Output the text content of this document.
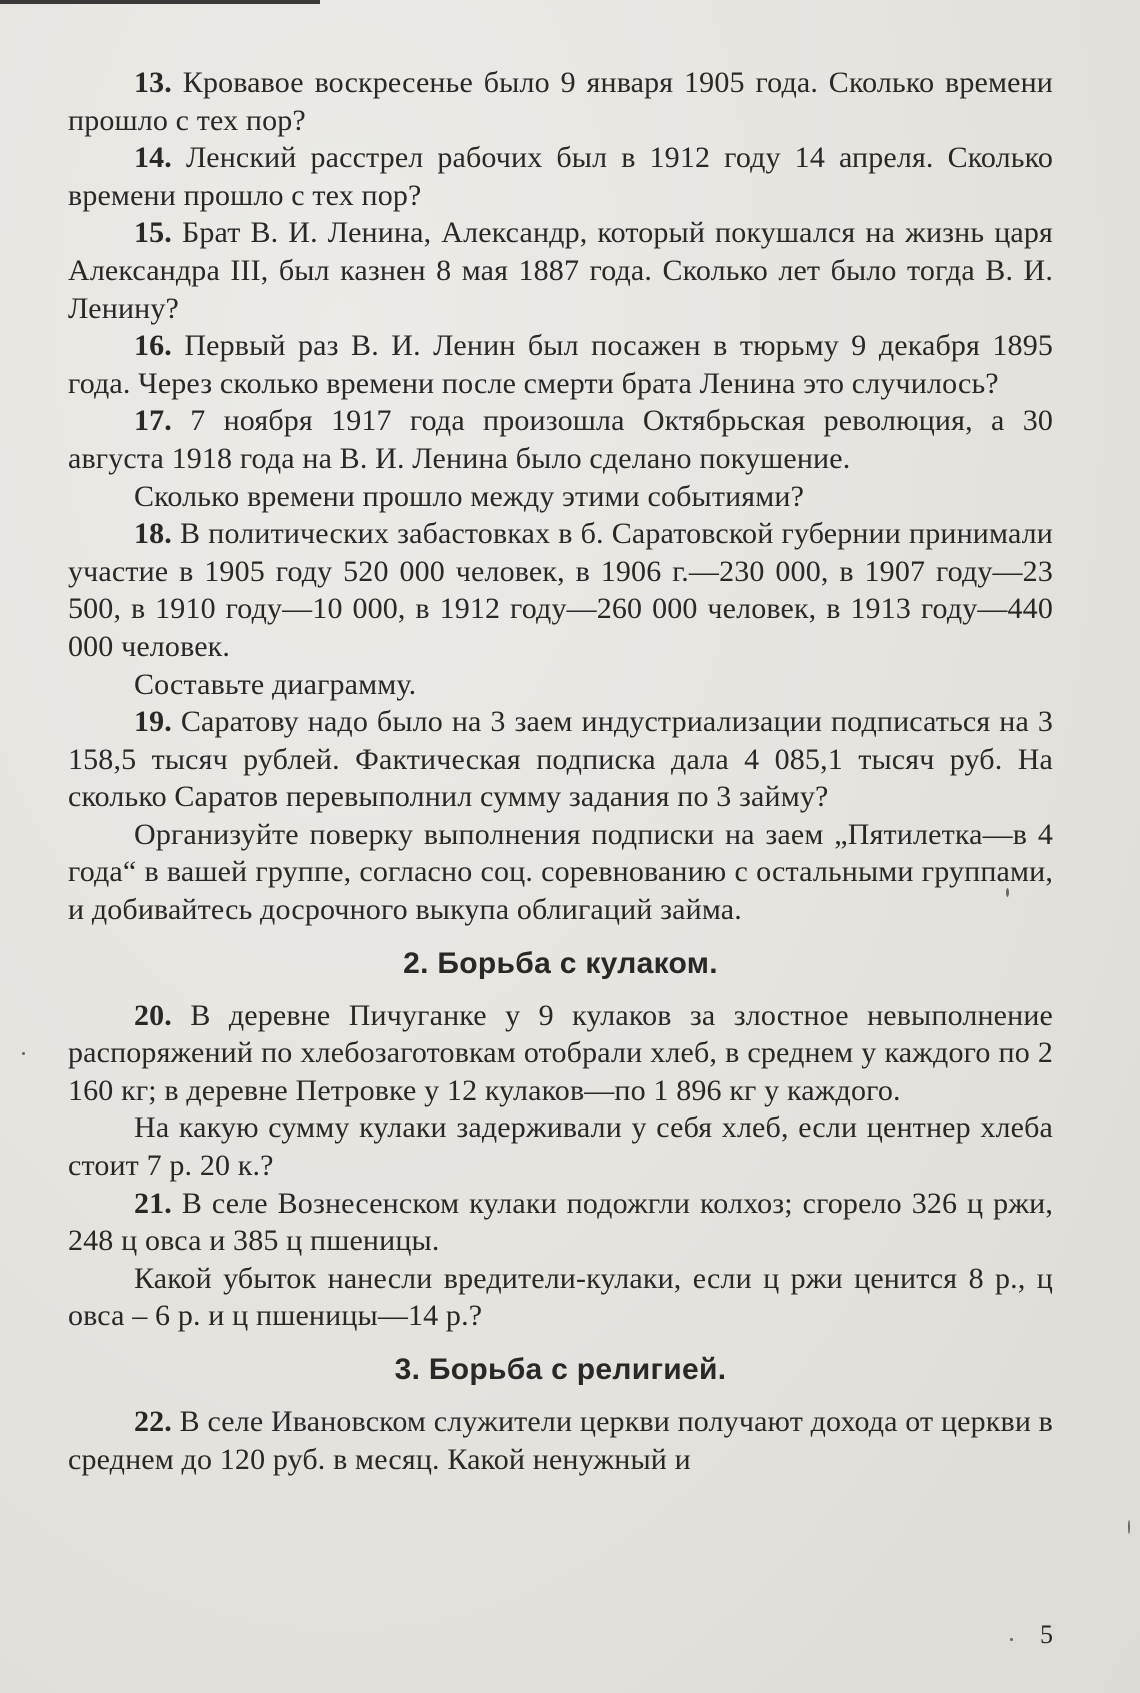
13. Кровавое воскресенье было 9 января 1905 года. Сколько времени прошло с тех пор?

14. Ленский расстрел рабочих был в 1912 году 14 апреля. Сколько времени прошло с тех пор?

15. Брат В. И. Ленина, Александр, который покушался на жизнь царя Александра III, был казнен 8 мая 1887 года. Сколько лет было тогда В. И. Ленину?

16. Первый раз В. И. Ленин был посажен в тюрьму 9 декабря 1895 года. Через сколько времени после смерти брата Ленина это случилось?

17. 7 ноября 1917 года произошла Октябрьская революция, а 30 августа 1918 года на В. И. Ленина было сделано покушение.

Сколько времени прошло между этими событиями?

18. В политических забастовках в б. Саратовской губернии принимали участие в 1905 году 520 000 человек, в 1906 г.—230 000, в 1907 году—23 500, в 1910 году—10 000, в 1912 году—260 000 человек, в 1913 году—440 000 человек.

Составьте диаграмму.

19. Саратову надо было на 3 заем индустриализации подписаться на 3 158,5 тысяч рублей. Фактическая подписка дала 4 085,1 тысяч руб. На сколько Саратов перевыполнил сумму задания по 3 займу?

Организуйте поверку выполнения подписки на заем „Пятилетка—в 4 года“ в вашей группе, согласно соц. соревнованию с остальными группами, и добивайтесь досрочного выкупа облигаций займа.

2. Борьба с кулаком.

20. В деревне Пичуганке у 9 кулаков за злостное невыполнение распоряжений по хлебозаготовкам отобрали хлеб, в среднем у каждого по 2 160 кг; в деревне Петровке у 12 кулаков—по 1 896 кг у каждого.

На какую сумму кулаки задерживали у себя хлеб, если центнер хлеба стоит 7 р. 20 к.?

21. В селе Вознесенском кулаки подожгли колхоз; сгорело 326 ц ржи, 248 ц овса и 385 ц пшеницы.

Какой убыток нанесли вредители-кулаки, если ц ржи ценится 8 р., ц овса – 6 р. и ц пшеницы—14 р.?

3. Борьба с религией.

22. В селе Ивановском служители церкви получают дохода от церкви в среднем до 120 руб. в месяц. Какой ненужный и

5
